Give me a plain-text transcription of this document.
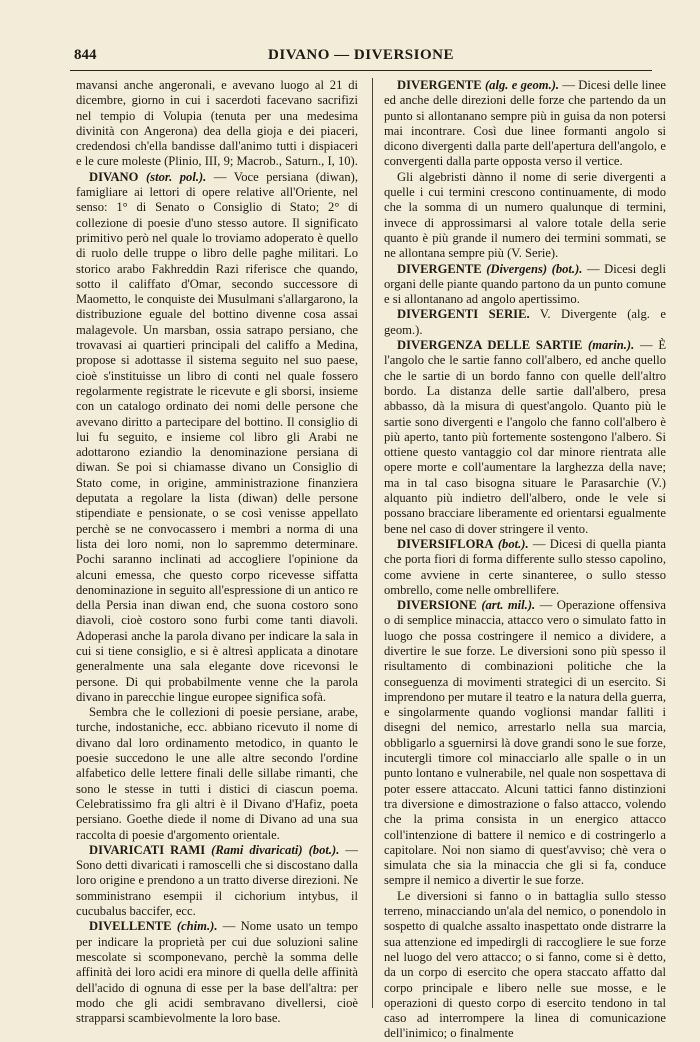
844	DIVANO — DIVERSIONE

mavansi anche angeronali, e avevano luogo al 21 di dicembre, giorno in cui i sacerdoti facevano sacrifizi nel tempio di Volupia (tenuta per una medesima divinità con Angerona) dea della gioja e dei piaceri, credendosi ch'ella bandisse dall'animo tutti i dispiaceri e le cure moleste (Plinio, III, 9; Macrob., Saturn., I, 10).

DIVANO (stor. pol.). — Voce persiana (diwan), famigliare ai lettori di opere relative all'Oriente, nel senso: 1° di Senato o Consiglio di Stato; 2° di collezione di poesie d'uno stesso autore. Il significato primitivo però nel quale lo troviamo adoperato è quello di ruolo delle truppe o libro delle paghe militari. Lo storico arabo Fakhreddin Razi riferisce che quando, sotto il califfato d'Omar, secondo successore di Maometto, le conquiste dei Musulmani s'allargarono, la distribuzione eguale del bottino divenne cosa assai malagevole. Un marsban, ossia satrapo persiano, che trovavasi ai quartieri principali del califfo a Medina, propose si adottasse il sistema seguito nel suo paese, cioè s'instituisse un libro di conti nel quale fossero regolarmente registrate le ricevute e gli sborsi, insieme con un catalogo ordinato dei nomi delle persone che avevano diritto a partecipare del bottino. Il consiglio di lui fu seguito, e insieme col libro gli Arabi ne adottarono eziandio la denominazione persiana di diwan. Se poi si chiamasse divano un Consiglio di Stato come, in origine, amministrazione finanziera deputata a regolare la lista (diwan) delle persone stipendiate e pensionate, o se così venisse appellato perchè se ne convocassero i membri a norma di una lista dei loro nomi, non lo sapremmo determinare. Pochi saranno inclinati ad accogliere l'opinione da alcuni emessa, che questo corpo ricevesse siffatta denominazione in seguito all'espressione di un antico re della Persia inan diwan end, che suona costoro sono diavoli, cioè costoro sono furbi come tanti diavoli. Adoperasi anche la parola divano per indicare la sala in cui si tiene consiglio, e si è altresì applicata a dinotare generalmente una sala elegante dove ricevonsi le persone. Di qui probabilmente venne che la parola divano in parecchie lingue europee significa sofà.

Sembra che le collezioni di poesie persiane, arabe, turche, indostaniche, ecc. abbiano ricevuto il nome di divano dal loro ordinamento metodico, in quanto le poesie succedono le une alle altre secondo l'ordine alfabetico delle lettere finali delle sillabe rimanti, che sono le stesse in tutti i distici di ciascun poema. Celebratissimo fra gli altri è il Divano d'Hafiz, poeta persiano. Goethe diede il nome di Divano ad una sua raccolta di poesie d'argomento orientale.

DIVARICATI RAMI (Rami divaricati) (bot.). — Sono detti divaricati i ramoscelli che si discostano dalla loro origine e prendono a un tratto diverse direzioni. Ne somministrano esempii il cichorium intybus, il cucubalus baccifer, ecc.

DIVELLENTE (chim.). — Nome usato un tempo per indicare la proprietà per cui due soluzioni saline mescolate si scomponevano, perchè la somma delle affinità dei loro acidi era minore di quella delle affinità dell'acido di ognuna di esse per la base dell'altra: per modo che gli acidi sembravano divellersi, cioè strapparsi scambievolmente la loro base.

DIVERGENTE (alg. e geom.). — Dicesi delle linee ed anche delle direzioni delle forze che partendo da un punto si allontanano sempre più in guisa da non potersi mai incontrare. Così due linee formanti angolo si dicono divergenti dalla parte dell'apertura dell'angolo, e convergenti dalla parte opposta verso il vertice.

Gli algebristi dànno il nome di serie divergenti a quelle i cui termini crescono continuamente, di modo che la somma di un numero qualunque di termini, invece di approssimarsi al valore totale della serie quanto è più grande il numero dei termini sommati, se ne allontana sempre più (V. Serie).

DIVERGENTE (Divergens) (bot.). — Dicesi degli organi delle piante quando partono da un punto comune e si allontanano ad angolo apertissimo.

DIVERGENTI SERIE. V. Divergente (alg. e geom.).

DIVERGENZA DELLE SARTIE (marin.). — È l'angolo che le sartie fanno coll'albero, ed anche quello che le sartie di un bordo fanno con quelle dell'altro bordo. La distanza delle sartie dall'albero, presa abbasso, dà la misura di quest'angolo. Quanto più le sartie sono divergenti e l'angolo che fanno coll'albero è più aperto, tanto più fortemente sostengono l'albero. Si ottiene questo vantaggio col dar minore rientrata alle opere morte e coll'aumentare la larghezza della nave; ma in tal caso bisogna situare le Parasarchie (V.) alquanto più indietro dell'albero, onde le vele si possano bracciare liberamente ed orientarsi egualmente bene nel caso di dover stringere il vento.

DIVERSIFLORA (bot.). — Dicesi di quella pianta che porta fiori di forma differente sullo stesso capolino, come avviene in certe sinanteree, o sullo stesso ombrello, come nelle ombrellifere.

DIVERSIONE (art. mil.). — Operazione offensiva o di semplice minaccia, attacco vero o simulato fatto in luogo che possa costringere il nemico a dividere, a divertire le sue forze. Le diversioni sono più spesso il risultamento di combinazioni politiche che la conseguenza di movimenti strategici di un esercito. Si imprendono per mutare il teatro e la natura della guerra, e singolarmente quando voglionsi mandar falliti i disegni del nemico, arrestarlo nella sua marcia, obbligarlo a sguernirsi là dove grandi sono le sue forze, incutergli timore col minacciarlo alle spalle o in un punto lontano e vulnerabile, nel quale non sospettava di poter essere attaccato. Alcuni tattici fanno distinzioni tra diversione e dimostrazione o falso attacco, volendo che la prima consista in un energico attacco coll'intenzione di battere il nemico e di costringerlo a capitolare. Noi non siamo di quest'avviso; chè vera o simulata che sia la minaccia che gli si fa, conduce sempre il nemico a divertir le sue forze.

Le diversioni si fanno o in battaglia sullo stesso terreno, minacciando un'ala del nemico, o ponendolo in sospetto di qualche assalto inaspettato onde distrarre la sua attenzione ed impedirgli di raccogliere le sue forze nel luogo del vero attacco; o si fanno, come si è detto, da un corpo di esercito che opera staccato affatto dal corpo principale e libero nelle sue mosse, e le operazioni di questo corpo di esercito tendono in tal caso ad interrompere la linea di comunicazione dell'inimico; o finalmente
